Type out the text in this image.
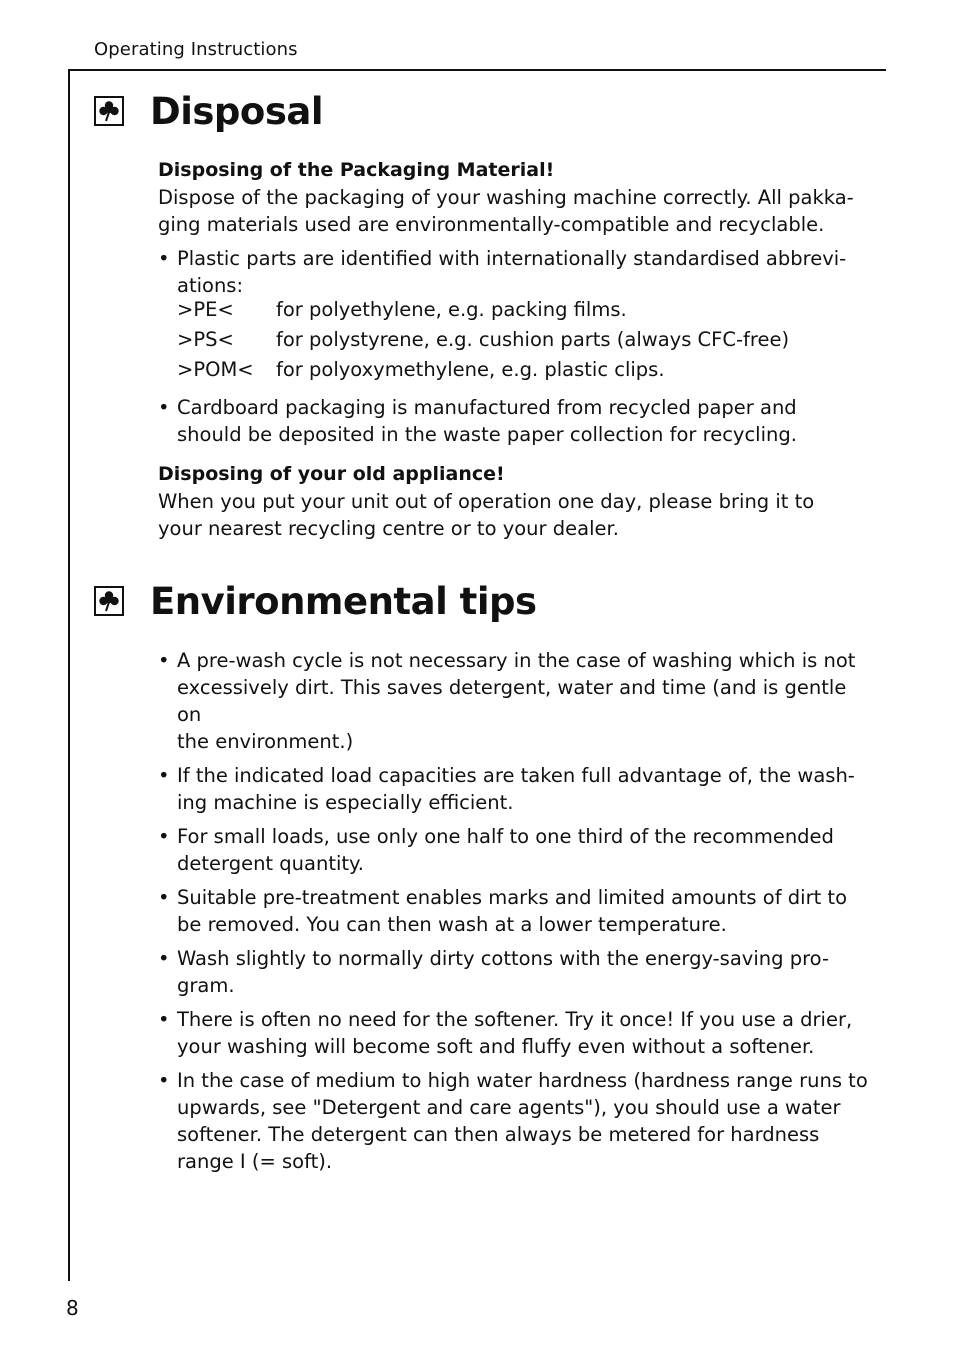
Operating Instructions
8
Disposal
Disposing of the Packaging Material!
Dispose of the packaging of your washing machine correctly. All pakka-
ging materials used are environmentally-compatible and recyclable.
• Plastic parts are identified with internationally standardised abbrevi-
ations:
>PE<	for polyethylene, e.g. packing films.
>PS<	for polystyrene, e.g. cushion parts (always CFC-free)
>POM<	for polyoxymethylene, e.g. plastic clips.
• Cardboard packaging is manufactured from recycled paper and
should be deposited in the waste paper collection for recycling.
Disposing of your old appliance!
When you put your unit out of operation one day, please bring it to
your nearest recycling centre or to your dealer.
Environmental tips
• A pre-wash cycle is not necessary in the case of washing which is not
excessively dirt. This saves detergent, water and time (and is gentle on
the environment.)
• If the indicated load capacities are taken full advantage of, the wash-
ing machine is especially efficient.
• For small loads, use only one half to one third of the recommended
detergent quantity.
• Suitable pre-treatment enables marks and limited amounts of dirt to
be removed. You can then wash at a lower temperature.
• Wash slightly to normally dirty cottons with the energy-saving pro-
gram.
• There is often no need for the softener. Try it once! If you use a drier,
your washing will become soft and fluffy even without a softener.
• In the case of medium to high water hardness (hardness range runs to
upwards, see "Detergent and care agents"), you should use a water
softener. The detergent can then always be metered for hardness
range I (= soft).
